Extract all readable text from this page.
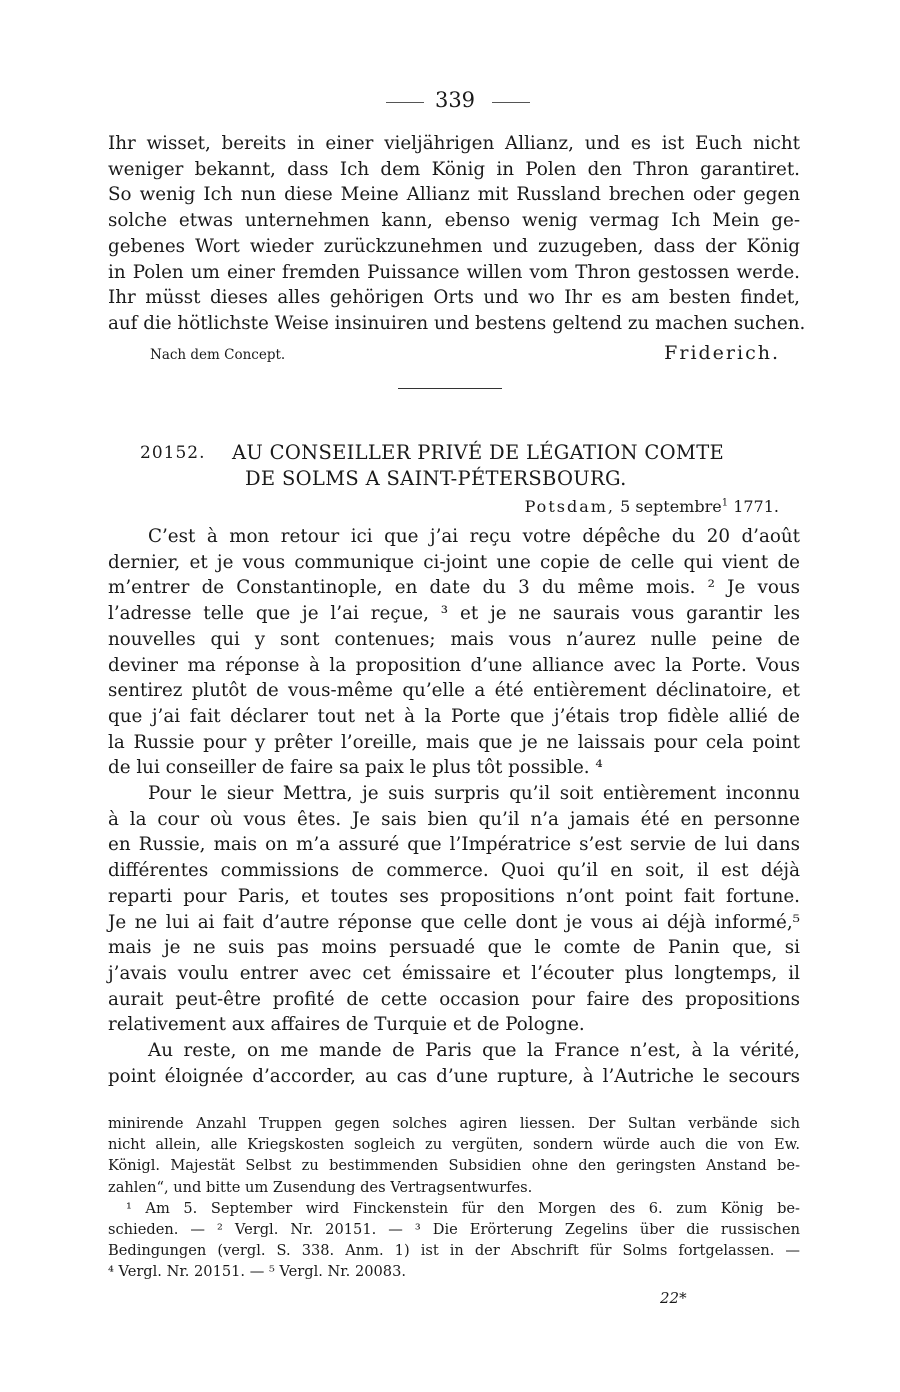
339
Ihr wisset, bereits in einer vieljährigen Allianz, und es ist Euch nicht
weniger bekannt, dass Ich dem König in Polen den Thron garantiret.
So wenig Ich nun diese Meine Allianz mit Russland brechen oder gegen
solche etwas unternehmen kann, ebenso wenig vermag Ich Mein ge-
gebenes Wort wieder zurückzunehmen und zuzugeben, dass der König
in Polen um einer fremden Puissance willen vom Thron gestossen werde.
Ihr müsst dieses alles gehörigen Orts und wo Ihr es am besten findet,
auf die hötlichste Weise insinuiren und bestens geltend zu machen suchen.
Nach dem Concept.	Friderich.
20152. AU CONSEILLER PRIVÉ DE LÉGATION COMTE
DE SOLMS A SAINT-PÉTERSBOURG.
Potsdam, 5 septembre$^1$ 1771.
C’est à mon retour ici que j’ai reçu votre dépêche du 20 d’août
dernier, et je vous communique ci-joint une copie de celle qui vient de
m’entrer de Constantinople, en date du 3 du même mois. ² Je vous
l’adresse telle que je l’ai reçue, ³ et je ne saurais vous garantir les
nouvelles qui y sont contenues; mais vous n’aurez nulle peine de
deviner ma réponse à la proposition d’une alliance avec la Porte. Vous
sentirez plutôt de vous-même qu’elle a été entièrement déclinatoire, et
que j’ai fait déclarer tout net à la Porte que j’étais trop fidèle allié de
la Russie pour y prêter l’oreille, mais que je ne laissais pour cela point
de lui conseiller de faire sa paix le plus tôt possible. ⁴
Pour le sieur Mettra, je suis surpris qu’il soit entièrement inconnu
à la cour où vous êtes. Je sais bien qu’il n’a jamais été en personne
en Russie, mais on m’a assuré que l’Impératrice s’est servie de lui dans
différentes commissions de commerce. Quoi qu’il en soit, il est déjà
reparti pour Paris, et toutes ses propositions n’ont point fait fortune.
Je ne lui ai fait d’autre réponse que celle dont je vous ai déjà informé,⁵
mais je ne suis pas moins persuadé que le comte de Panin que, si
j’avais voulu entrer avec cet émissaire et l’écouter plus longtemps, il
aurait peut-être profité de cette occasion pour faire des propositions
relativement aux affaires de Turquie et de Pologne.
Au reste, on me mande de Paris que la France n’est, à la vérité,
point éloignée d’accorder, au cas d’une rupture, à l’Autriche le secours
minirende Anzahl Truppen gegen solches agiren liessen. Der Sultan verbände sich
nicht allein, alle Kriegskosten sogleich zu vergüten, sondern würde auch die von Ew.
Königl. Majestät Selbst zu bestimmenden Subsidien ohne den geringsten Anstand be-
zahlen“, und bitte um Zusendung des Vertragsentwurfes.
¹ Am 5. September wird Finckenstein für den Morgen des 6. zum König be-
schieden. — ² Vergl. Nr. 20151. — ³ Die Erörterung Zegelins über die russischen
Bedingungen (vergl. S. 338. Anm. 1) ist in der Abschrift für Solms fortgelassen. —
⁴ Vergl. Nr. 20151. — ⁵ Vergl. Nr. 20083.
22*
